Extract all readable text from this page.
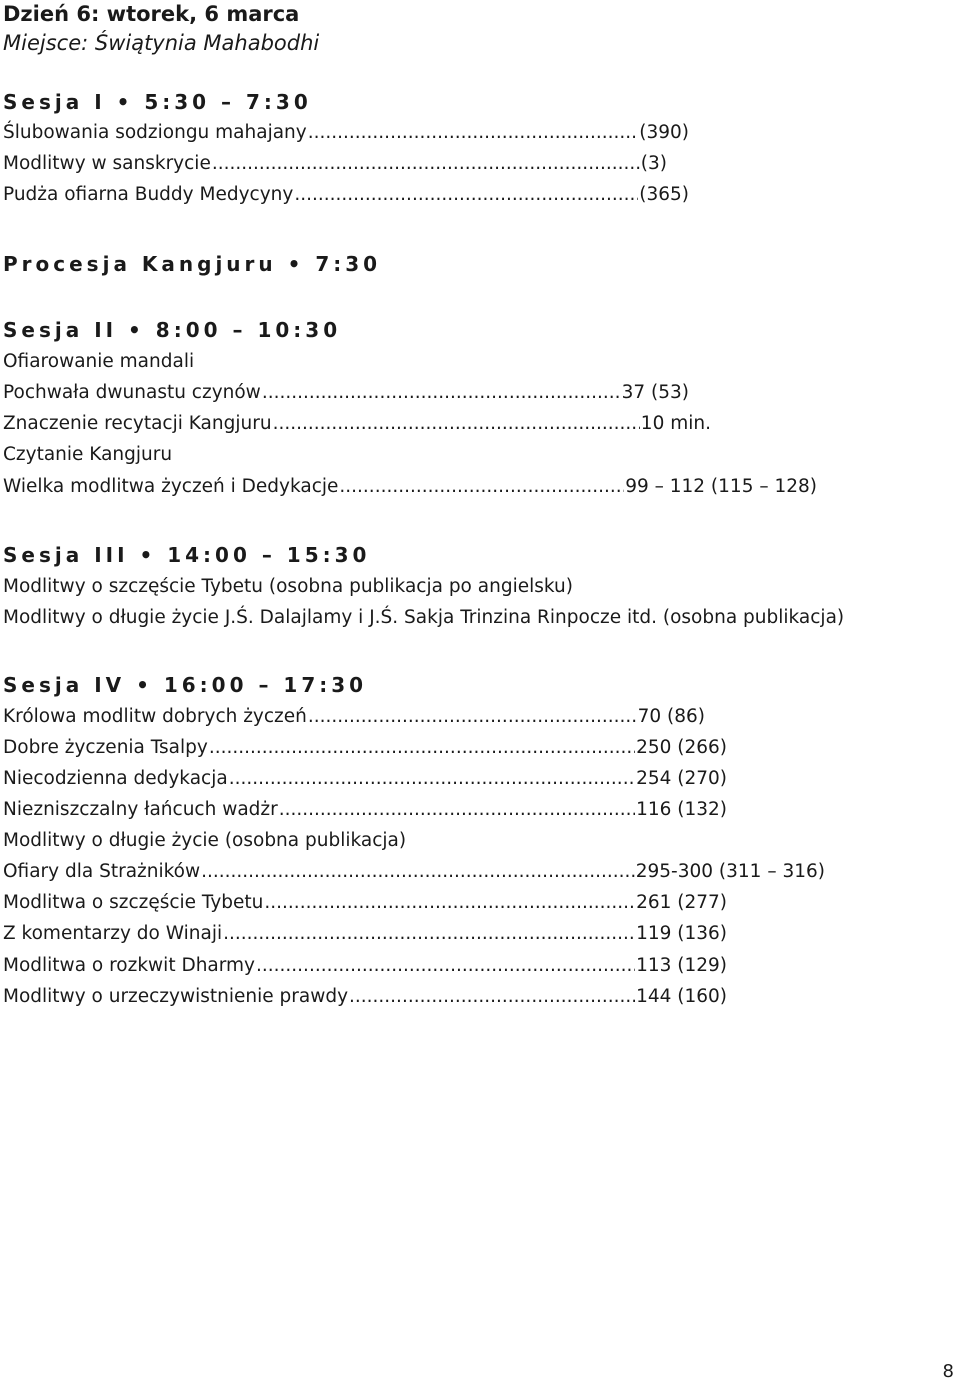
Dzień 6: wtorek, 6 marca
Miejsce: Świątynia Mahabodhi
Sesja I • 5:30 – 7:30
Ślubowania sodziongu mahajany .....	(390)
Modlitwy w sanskrycie .....	(3)
Pudża ofiarna Buddy Medycyny .....	(365)
Procesja Kangjuru • 7:30
Sesja II • 8:00 – 10:30
Ofiarowanie mandali
Pochwała dwunastu czynów .....	37 (53)
Znaczenie recytacji Kangjuru .....	10 min.
Czytanie Kangjuru
Wielka modlitwa życzeń i Dedykacje .....	99 – 112 (115 – 128)
Sesja III • 14:00 – 15:30
Modlitwy o szczęście Tybetu (osobna publikacja po angielsku)
Modlitwy o długie życie J.Ś. Dalajlamy i J.Ś. Sakja Trinzina Rinpocze itd. (osobna publikacja)
Sesja IV • 16:00 – 17:30
Królowa modlitw dobrych życzeń .....	70 (86)
Dobre życzenia Tsalpy .....	250 (266)
Niecodzienna dedykacja .....	254 (270)
Niezniszczalny łańcuch wadżr .....	116 (132)
Modlitwy o długie życie (osobna publikacja)
Ofiary dla Strażników .....	295-300 (311 – 316)
Modlitwa o szczęście Tybetu .....	261 (277)
Z komentarzy do Winaji .....	119 (136)
Modlitwa o rozkwit Dharmy .....	113 (129)
Modlitwy o urzeczywistnienie prawdy .....	144 (160)
8
